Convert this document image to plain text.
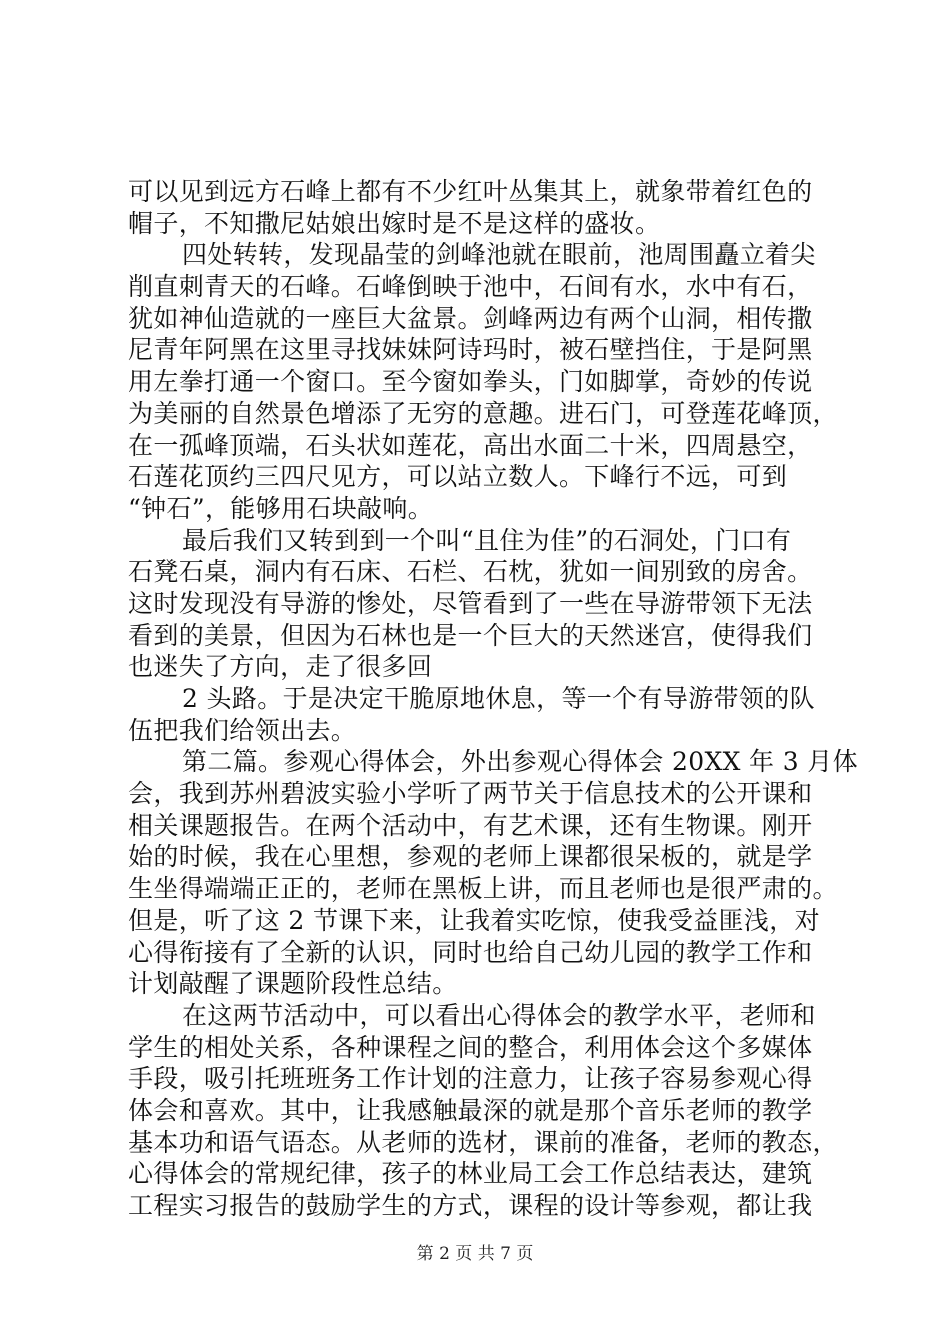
可以见到远方石峰上都有不少红叶丛集其上，就象带着红色的
帽子，不知撒尼姑娘出嫁时是不是这样的盛妆。
四处转转，发现晶莹的剑峰池就在眼前，池周围矗立着尖
削直刺青天的石峰。石峰倒映于池中，石间有水，水中有石，
犹如神仙造就的一座巨大盆景。剑峰两边有两个山洞，相传撒
尼青年阿黑在这里寻找妹妹阿诗玛时，被石壁挡住，于是阿黑
用左拳打通一个窗口。至今窗如拳头，门如脚掌，奇妙的传说
为美丽的自然景色增添了无穷的意趣。进石门，可登莲花峰顶，
在一孤峰顶端，石头状如莲花，高出水面二十米，四周悬空，
石莲花顶约三四尺见方，可以站立数人。下峰行不远，可到
“钟石”，能够用石块敲响。
最后我们又转到到一个叫“且住为佳”的石洞处，门口有
石凳石桌，洞内有石床、石栏、石枕，犹如一间别致的房舍。
这时发现没有导游的惨处，尽管看到了一些在导游带领下无法
看到的美景，但因为石林也是一个巨大的天然迷宫，使得我们
也迷失了方向，走了很多回
2 头路。于是决定干脆原地休息，等一个有导游带领的队
伍把我们给领出去。
第二篇。参观心得体会，外出参观心得体会 20XX 年 3 月体
会，我到苏州碧波实验小学听了两节关于信息技术的公开课和
相关课题报告。在两个活动中，有艺术课，还有生物课。刚开
始的时候，我在心里想，参观的老师上课都很呆板的，就是学
生坐得端端正正的，老师在黑板上讲，而且老师也是很严肃的。
但是，听了这 2 节课下来，让我着实吃惊，使我受益匪浅，对
心得衔接有了全新的认识，同时也给自己幼儿园的教学工作和
计划敲醒了课题阶段性总结。
在这两节活动中，可以看出心得体会的教学水平，老师和
学生的相处关系，各种课程之间的整合，利用体会这个多媒体
手段，吸引托班班务工作计划的注意力，让孩子容易参观心得
体会和喜欢。其中，让我感触最深的就是那个音乐老师的教学
基本功和语气语态。从老师的选材，课前的准备，老师的教态，
心得体会的常规纪律，孩子的林业局工会工作总结表达，建筑
工程实习报告的鼓励学生的方式，课程的设计等参观，都让我
第 2 页 共 7 页
